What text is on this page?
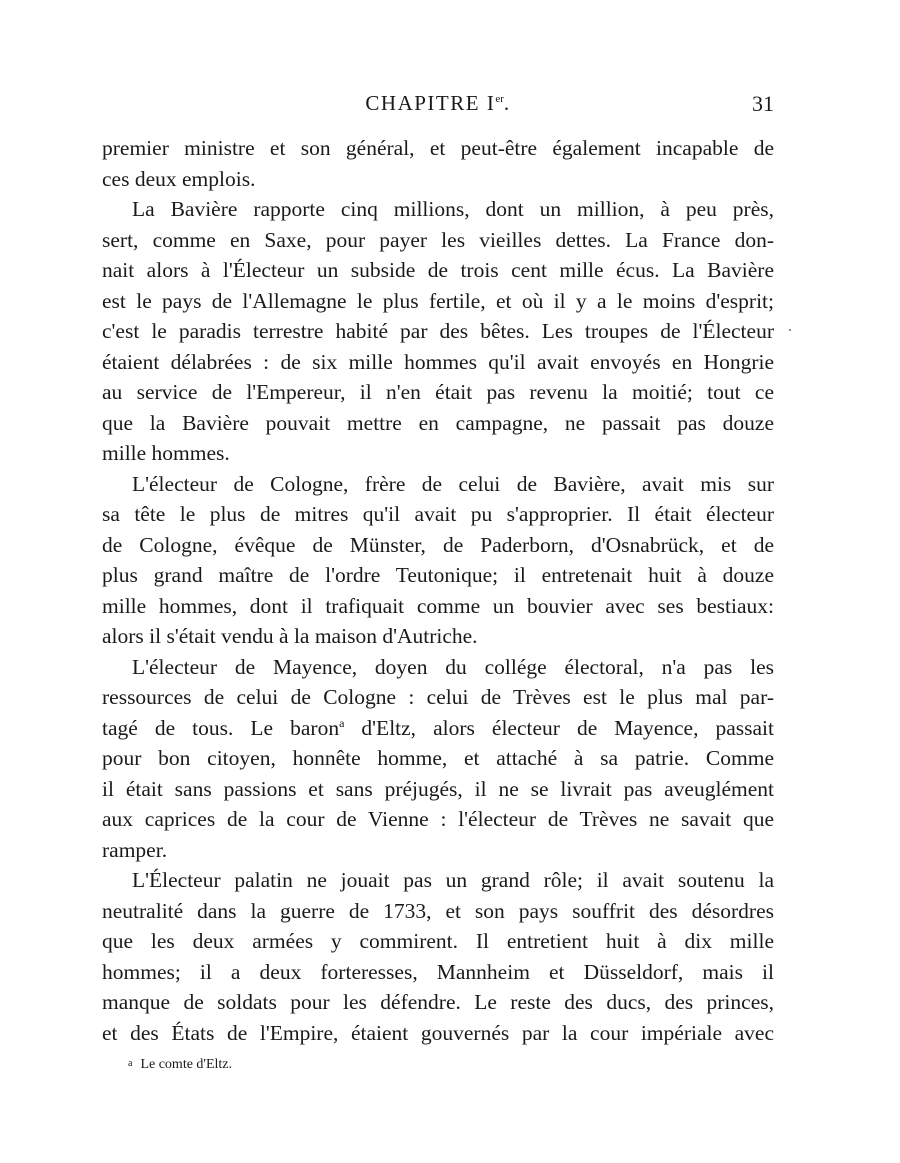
CHAPITRE Ier.	31
premier ministre et son général, et peut-être également incapable de
ces deux emplois.
La Bavière rapporte cinq millions, dont un million, à peu près,
sert, comme en Saxe, pour payer les vieilles dettes. La France don-
nait alors à l'Électeur un subside de trois cent mille écus. La Bavière
est le pays de l'Allemagne le plus fertile, et où il y a le moins d'esprit;
c'est le paradis terrestre habité par des bêtes. Les troupes de l'Électeur
étaient délabrées : de six mille hommes qu'il avait envoyés en Hongrie
au service de l'Empereur, il n'en était pas revenu la moitié; tout ce
que la Bavière pouvait mettre en campagne, ne passait pas douze
mille hommes.
L'électeur de Cologne, frère de celui de Bavière, avait mis sur
sa tête le plus de mitres qu'il avait pu s'approprier. Il était électeur
de Cologne, évêque de Münster, de Paderborn, d'Osnabrück, et de
plus grand maître de l'ordre Teutonique; il entretenait huit à douze
mille hommes, dont il trafiquait comme un bouvier avec ses bestiaux:
alors il s'était vendu à la maison d'Autriche.
L'électeur de Mayence, doyen du collége électoral, n'a pas les
ressources de celui de Cologne : celui de Trèves est le plus mal par-
tagé de tous. Le baron$^a$ d'Eltz, alors électeur de Mayence, passait
pour bon citoyen, honnête homme, et attaché à sa patrie. Comme
il était sans passions et sans préjugés, il ne se livrait pas aveuglément
aux caprices de la cour de Vienne : l'électeur de Trèves ne savait que
ramper.
L'Électeur palatin ne jouait pas un grand rôle; il avait soutenu la
neutralité dans la guerre de 1733, et son pays souffrit des désordres
que les deux armées y commirent. Il entretient huit à dix mille
hommes; il a deux forteresses, Mannheim et Düsseldorf, mais il
manque de soldats pour les défendre. Le reste des ducs, des princes,
et des États de l'Empire, étaient gouvernés par la cour impériale avec
a Le comte d'Eltz.
